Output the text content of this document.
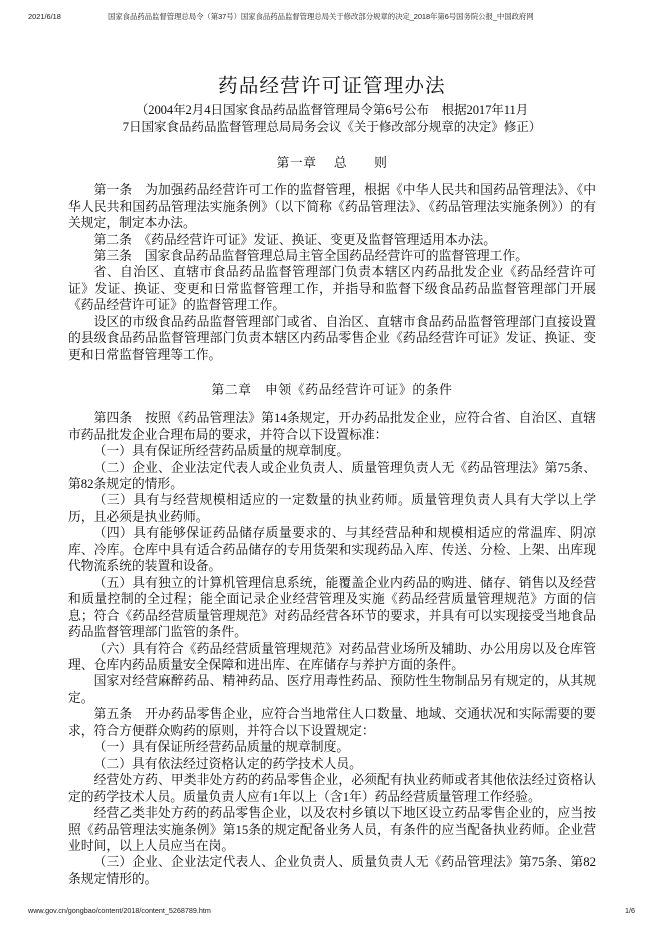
2021/6/18	国家食品药品监督管理总局令（第37号）国家食品药品监督管理总局关于修改部分规章的决定_2018年第6号国务院公报_中国政府网
药品经营许可证管理办法
（2004年2月4日国家食品药品监督管理局令第6号公布　根据2017年11月
7日国家食品药品监督管理总局局务会议《关于修改部分规章的决定》修正）
第一章 　总　　则

第一条　为加强药品经营许可工作的监督管理，根据《中华人民共和国药品管理法》、《中华人民共和国药品管理法实施条例》（以下简称《药品管理法》、《药品管理法实施条例》）的有关规定，制定本办法。

第二条　《药品经营许可证》发证、换证、变更及监督管理适用本办法。

第三条　国家食品药品监督管理总局主管全国药品经营许可的监督管理工作。

省、自治区、直辖市食品药品监督管理部门负责本辖区内药品批发企业《药品经营许可证》发证、换证、变更和日常监督管理工作，并指导和监督下级食品药品监督管理部门开展《药品经营许可证》的监督管理工作。

设区的市级食品药品监督管理部门或省、自治区、直辖市食品药品监督管理部门直接设置的县级食品药品监督管理部门负责本辖区内药品零售企业《药品经营许可证》发证、换证、变更和日常监督管理等工作。

第二章　申领《药品经营许可证》的条件

第四条　按照《药品管理法》第14条规定，开办药品批发企业，应符合省、自治区、直辖市药品批发企业合理布局的要求，并符合以下设置标准：

（一）具有保证所经营药品质量的规章制度。

（二）企业、企业法定代表人或企业负责人、质量管理负责人无《药品管理法》第75条、第82条规定的情形。

（三）具有与经营规模相适应的一定数量的执业药师。质量管理负责人具有大学以上学历，且必须是执业药师。

（四）具有能够保证药品储存质量要求的、与其经营品种和规模相适应的常温库、阴凉库、冷库。仓库中具有适合药品储存的专用货架和实现药品入库、传送、分检、上架、出库现代物流系统的装置和设备。

（五）具有独立的计算机管理信息系统，能覆盖企业内药品的购进、储存、销售以及经营和质量控制的全过程；能全面记录企业经营管理及实施《药品经营质量管理规范》方面的信息；符合《药品经营质量管理规范》对药品经营各环节的要求，并具有可以实现接受当地食品药品监督管理部门监管的条件。

（六）具有符合《药品经营质量管理规范》对药品营业场所及辅助、办公用房以及仓库管理、仓库内药品质量安全保障和进出库、在库储存与养护方面的条件。

国家对经营麻醉药品、精神药品、医疗用毒性药品、预防性生物制品另有规定的，从其规定。

第五条　开办药品零售企业，应符合当地常住人口数量、地域、交通状况和实际需要的要求，符合方便群众购药的原则，并符合以下设置规定：

（一）具有保证所经营药品质量的规章制度。

（二）具有依法经过资格认定的药学技术人员。

经营处方药、甲类非处方药的药品零售企业，必须配有执业药师或者其他依法经过资格认定的药学技术人员。质量负责人应有1年以上（含1年）药品经营质量管理工作经验。

经营乙类非处方药的药品零售企业，以及农村乡镇以下地区设立药品零售企业的，应当按照《药品管理法实施条例》第15条的规定配备业务人员，有条件的应当配备执业药师。企业营业时间，以上人员应当在岗。

（三）企业、企业法定代表人、企业负责人、质量负责人无《药品管理法》第75条、第82条规定情形的。

www.gov.cn/gongbao/content/2018/content_5268789.htm	1/6
